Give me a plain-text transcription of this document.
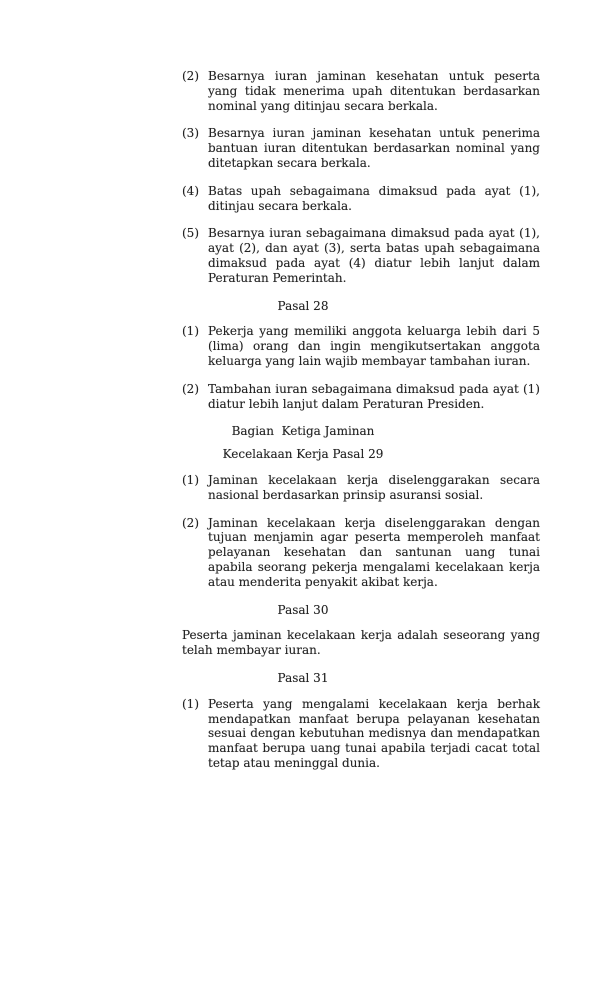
(2) Besarnya iuran jaminan kesehatan untuk peserta yang tidak menerima upah ditentukan berdasarkan nominal yang ditinjau secara berkala.
(3) Besarnya iuran jaminan kesehatan untuk penerima bantuan iuran ditentukan berdasarkan nominal yang ditetapkan secara berkala.
(4) Batas upah sebagaimana dimaksud pada ayat (1), ditinjau secara berkala.
(5) Besarnya iuran sebagaimana dimaksud pada ayat (1), ayat (2), dan ayat (3), serta batas upah sebagaimana dimaksud pada ayat (4) diatur lebih lanjut dalam Peraturan Pemerintah.
Pasal 28
(1) Pekerja yang memiliki anggota keluarga lebih dari 5 (lima) orang dan ingin mengikutsertakan anggota keluarga yang lain wajib membayar tambahan iuran.
(2) Tambahan iuran sebagaimana dimaksud pada ayat (1) diatur lebih lanjut dalam Peraturan Presiden.
Bagian  Ketiga Jaminan
Kecelakaan Kerja Pasal 29
(1) Jaminan kecelakaan kerja diselenggarakan secara nasional berdasarkan prinsip asuransi sosial.
(2) Jaminan kecelakaan kerja diselenggarakan dengan tujuan menjamin agar peserta memperoleh manfaat pelayanan kesehatan dan santunan uang tunai apabila seorang pekerja mengalami kecelakaan kerja atau menderita penyakit akibat kerja.
Pasal 30
Peserta jaminan kecelakaan kerja adalah seseorang yang telah membayar iuran.
Pasal 31
(1) Peserta yang mengalami kecelakaan kerja berhak mendapatkan manfaat berupa pelayanan kesehatan sesuai dengan kebutuhan medisnya dan mendapatkan manfaat berupa uang tunai apabila terjadi cacat total tetap atau meninggal dunia.
